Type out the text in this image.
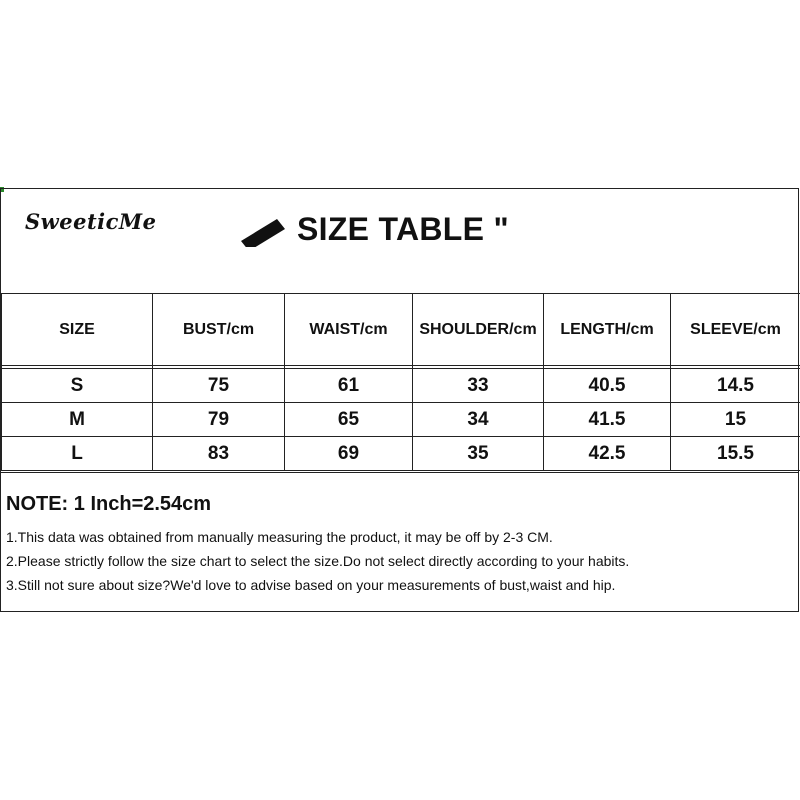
SweeticMe	SIZE TABLE "
SIZE	BUST/cm	WAIST/cm	SHOULDER/cm	LENGTH/cm	SLEEVE/cm

S	75	61	33	40.5	14.5
M	79	65	34	41.5	15
L	83	69	35	42.5	15.5
NOTE: 1 Inch=2.54cm
1.This data was obtained from manually measuring the product, it may be off by 2-3 CM.
2.Please strictly follow the size chart to select the size.Do not select directly according to your habits.
3.Still not sure about size?We'd love to advise based on your measurements of bust,waist and hip.
